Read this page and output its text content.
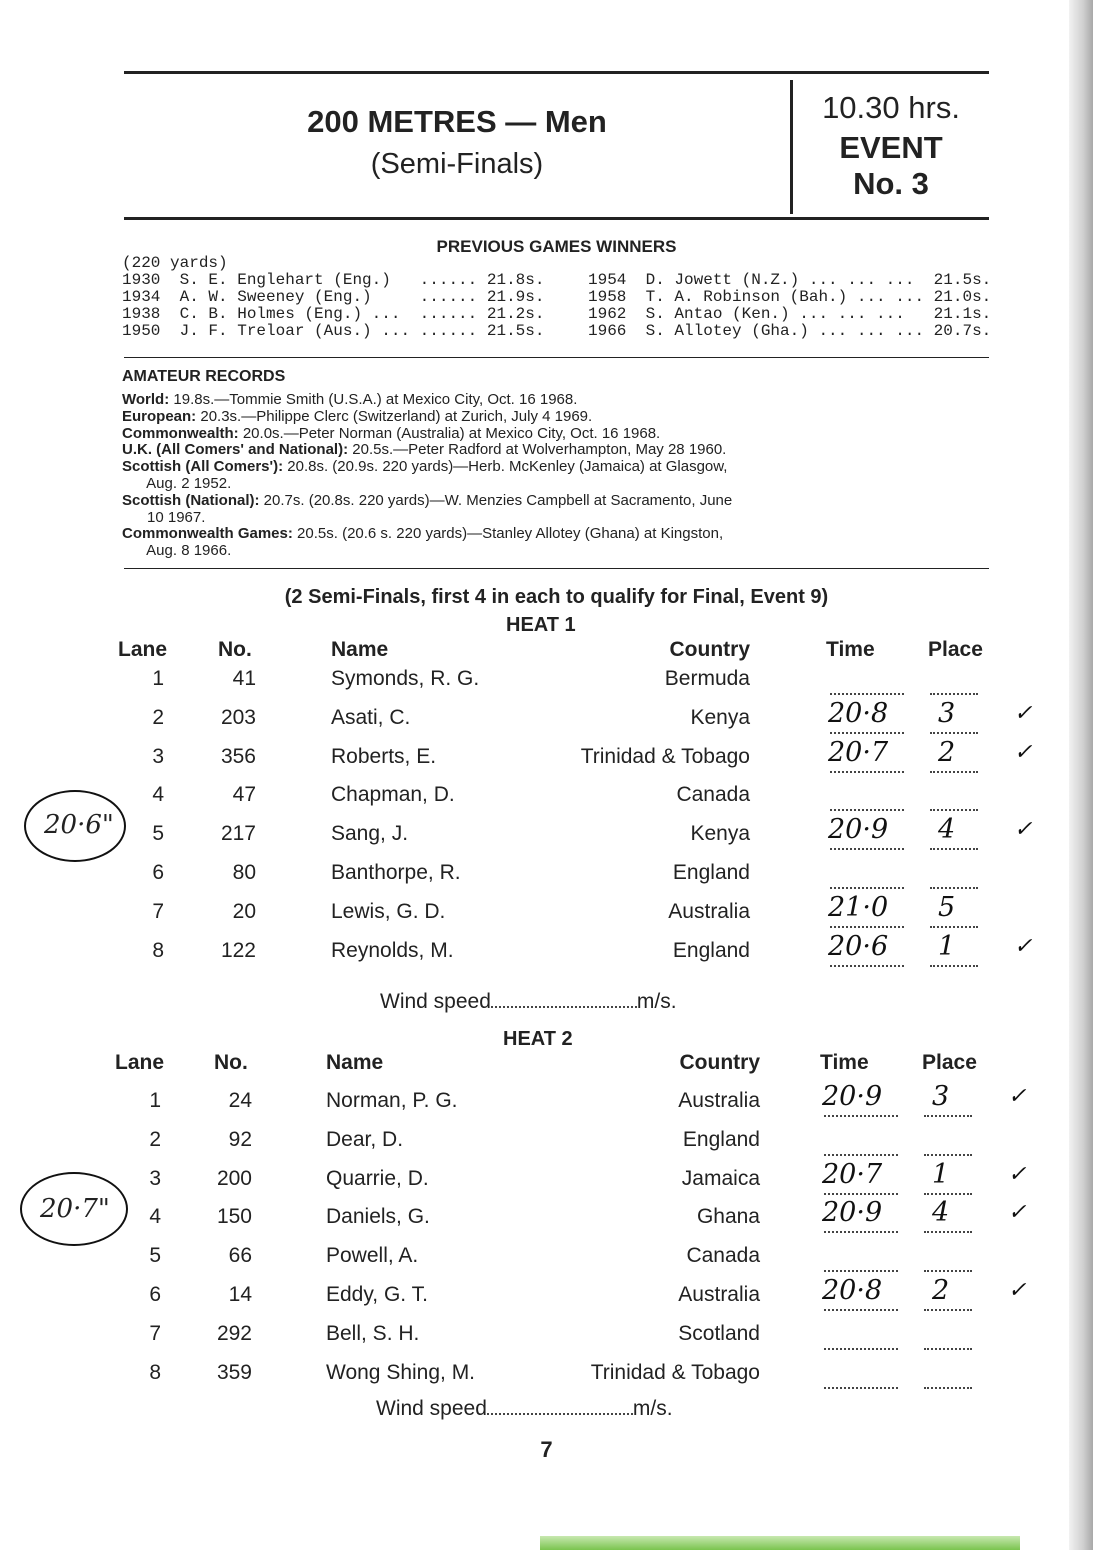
200 METRES — Men
(Semi-Finals)
10.30 hrs.
EVENT
No. 3
PREVIOUS GAMES WINNERS
(220 yards)
1930  S. E. Englehart (Eng.)   ...... 21.8s.
1934  A. W. Sweeney (Eng.)     ...... 21.9s.
1938  C. B. Holmes (Eng.) ...  ...... 21.2s.
1950  J. F. Treloar (Aus.) ... ...... 21.5s.
1954  D. Jowett (N.Z.) ... ... ...  21.5s.
1958  T. A. Robinson (Bah.) ... ... 21.0s.
1962  S. Antao (Ken.) ... ... ...   21.1s.
1966  S. Allotey (Gha.) ... ... ... 20.7s.
AMATEUR RECORDS
World: 19.8s.—Tommie Smith (U.S.A.) at Mexico City, Oct. 16 1968.
European: 20.3s.—Philippe Clerc (Switzerland) at Zurich, July 4 1969.
Commonwealth: 20.0s.—Peter Norman (Australia) at Mexico City, Oct. 16 1968.
U.K. (All Comers' and National): 20.5s.—Peter Radford at Wolverhampton, May 28 1960.
Scottish (All Comers'): 20.8s. (20.9s. 220 yards)—Herb. McKenley (Jamaica) at Glasgow,
Aug. 2 1952.
Scottish (National): 20.7s. (20.8s. 220 yards)—W. Menzies Campbell at Sacramento, June
10 1967.
Commonwealth Games: 20.5s. (20.6 s. 220 yards)—Stanley Allotey (Ghana) at Kingston,
Aug. 8 1966.
(2 Semi-Finals, first 4 in each to qualify for Final, Event 9)
HEAT 1
Lane No.	Name	Country	Time	Place
1	41	Symonds, R. G.	Bermuda
2	203	Asati, C.	Kenya	20·8 3	✓
3	356	Roberts, E.	Trinidad & Tobago	20·7 2	✓
4	47	Chapman, D.	Canada
5	217	Sang, J.	Kenya	20·9 4	✓
6	80	Banthorpe, R.	England
7	20	Lewis, G. D.	Australia	21·0 5
8	122	Reynolds, M.	England	20·6 1	✓
Wind speed	m/s.
20·6"
HEAT 2
Lane No.	Name	Country	Time	Place
1	24	Norman, P. G.	Australia 20·9 3	✓
2	92	Dear, D.	England
3	200	Quarrie, D.	Jamaica 20·7 1	✓
4	150	Daniels, G.	Ghana 20·9 4	✓
5	66	Powell, A.	Canada
6	14	Eddy, G. T.	Australia 20·8 2	✓
7	292	Bell, S. H.	Scotland
8	359	Wong Shing, M.	Trinidad & Tobago
Wind speed	m/s.
20·7"
7
